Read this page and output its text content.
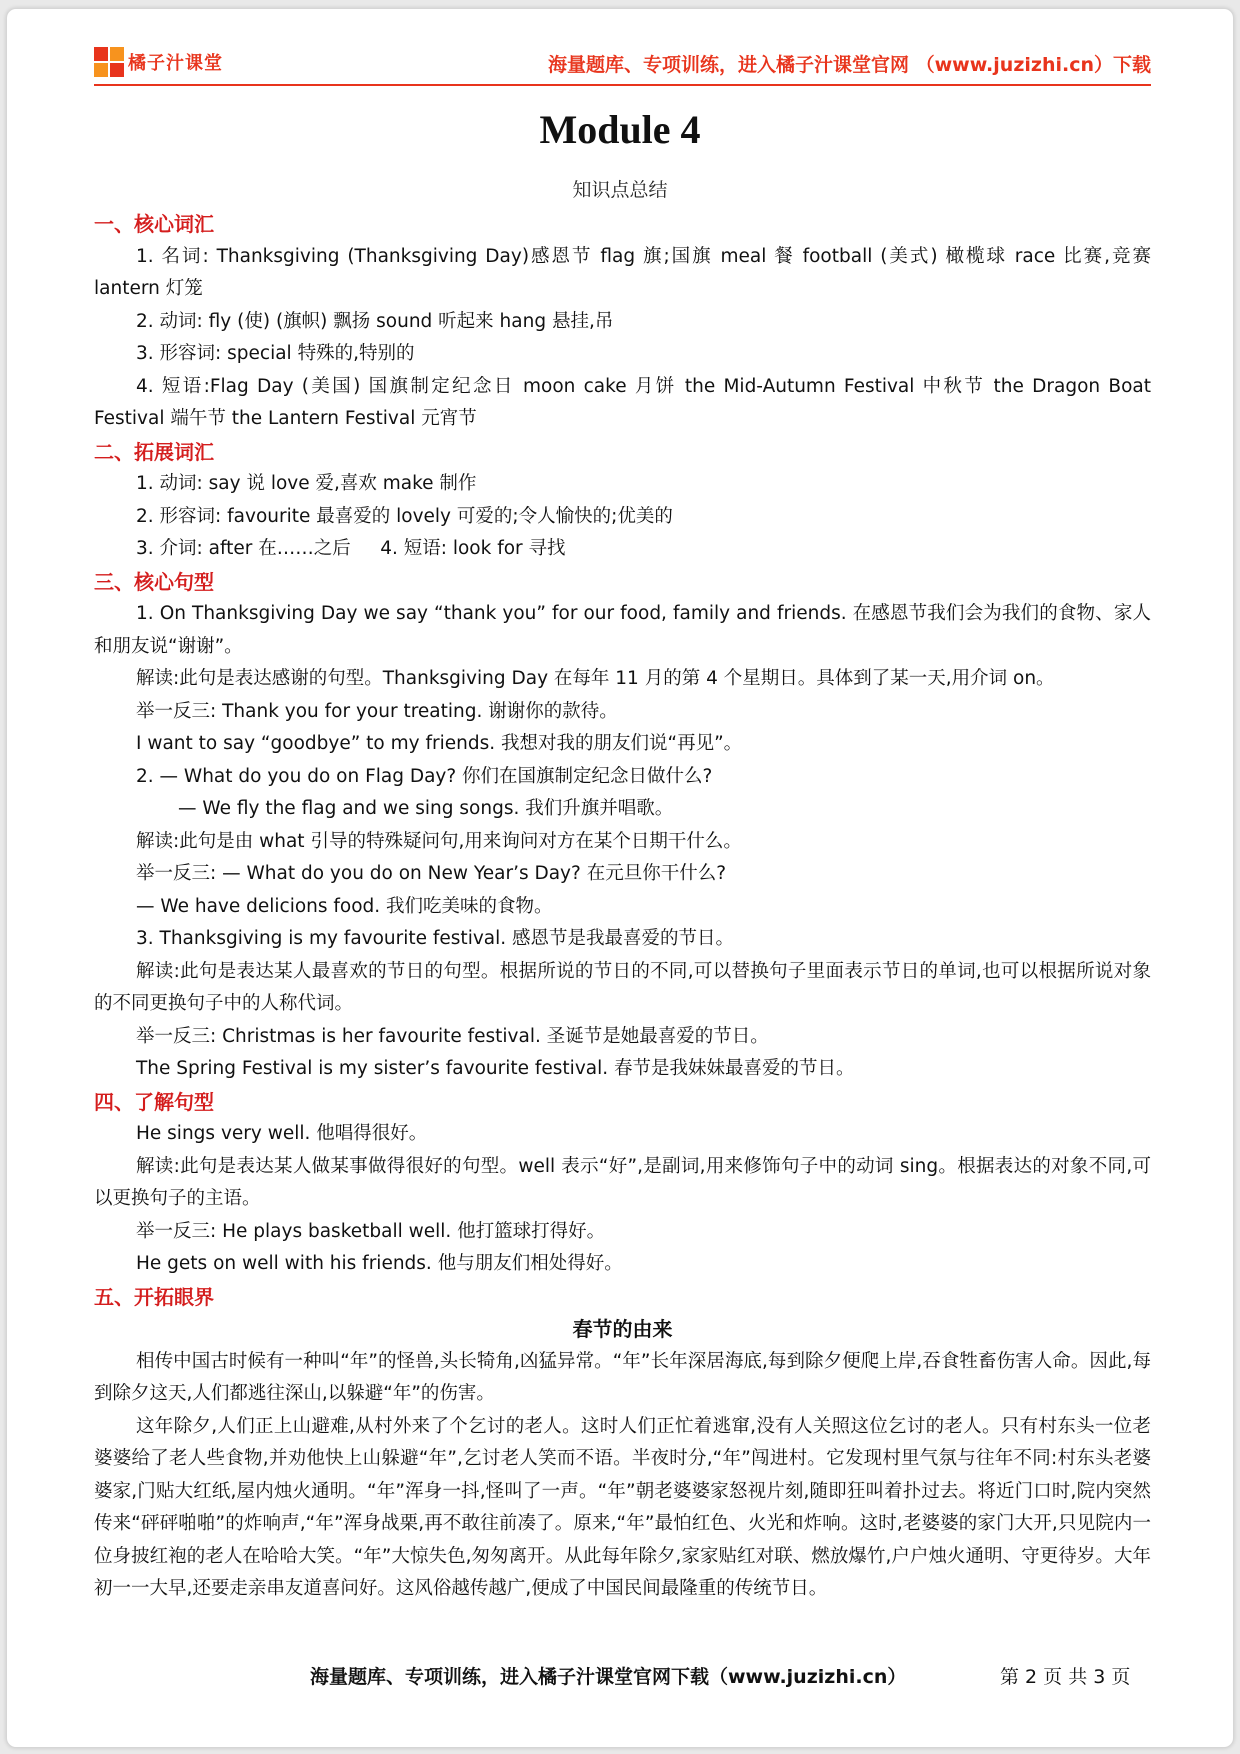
橘子汁课堂	海量题库、专项训练，进入橘子汁课堂官网 （www.juzizhi.cn）下载
Module 4
知识点总结

一、核心词汇

1. 名词: Thanksgiving (Thanksgiving Day)感恩节 flag 旗;国旗 meal 餐 football (美式) 橄榄球 race 比赛,竞赛 lantern 灯笼

2. 动词: fly (使) (旗帜) 飘扬 sound 听起来 hang 悬挂,吊

3. 形容词: special 特殊的,特别的

4. 短语:Flag Day (美国) 国旗制定纪念日 moon cake 月饼 the Mid-Autumn Festival 中秋节 the Dragon Boat Festival 端午节 the Lantern Festival 元宵节

二、拓展词汇

1. 动词: say 说 love 爱,喜欢 make 制作

2. 形容词: favourite 最喜爱的 lovely 可爱的;令人愉快的;优美的

3. 介词: after 在……之后     4. 短语: look for 寻找

三、核心句型

1. On Thanksgiving Day we say “thank you” for our food, family and friends. 在感恩节我们会为我们的食物、家人和朋友说“谢谢”。

解读:此句是表达感谢的句型。Thanksgiving Day 在每年 11 月的第 4 个星期日。具体到了某一天,用介词 on。

举一反三: Thank you for your treating. 谢谢你的款待。

I want to say “goodbye” to my friends. 我想对我的朋友们说“再见”。

2. — What do you do on Flag Day? 你们在国旗制定纪念日做什么?

— We fly the flag and we sing songs. 我们升旗并唱歌。

解读:此句是由 what 引导的特殊疑问句,用来询问对方在某个日期干什么。

举一反三: — What do you do on New Year’s Day? 在元旦你干什么?

— We have delicions food. 我们吃美味的食物。

3. Thanksgiving is my favourite festival. 感恩节是我最喜爱的节日。

解读:此句是表达某人最喜欢的节日的句型。根据所说的节日的不同,可以替换句子里面表示节日的单词,也可以根据所说对象的不同更换句子中的人称代词。

举一反三: Christmas is her favourite festival. 圣诞节是她最喜爱的节日。

The Spring Festival is my sister’s favourite festival. 春节是我妹妹最喜爱的节日。

四、了解句型

He sings very well. 他唱得很好。

解读:此句是表达某人做某事做得很好的句型。well 表示“好”,是副词,用来修饰句子中的动词 sing。根据表达的对象不同,可以更换句子的主语。

举一反三: He plays basketball well. 他打篮球打得好。

He gets on well with his friends. 他与朋友们相处得好。

五、开拓眼界

春节的由来

相传中国古时候有一种叫“年”的怪兽,头长犄角,凶猛异常。“年”长年深居海底,每到除夕便爬上岸,吞食牲畜伤害人命。因此,每到除夕这天,人们都逃往深山,以躲避“年”的伤害。

这年除夕,人们正上山避难,从村外来了个乞讨的老人。这时人们正忙着逃窜,没有人关照这位乞讨的老人。只有村东头一位老婆婆给了老人些食物,并劝他快上山躲避“年”,乞讨老人笑而不语。半夜时分,“年”闯进村。它发现村里气氛与往年不同:村东头老婆婆家,门贴大红纸,屋内烛火通明。“年”浑身一抖,怪叫了一声。“年”朝老婆婆家怒视片刻,随即狂叫着扑过去。将近门口时,院内突然传来“砰砰啪啪”的炸响声,“年”浑身战栗,再不敢往前凑了。原来,“年”最怕红色、火光和炸响。这时,老婆婆的家门大开,只见院内一位身披红袍的老人在哈哈大笑。“年”大惊失色,匆匆离开。从此每年除夕,家家贴红对联、燃放爆竹,户户烛火通明、守更待岁。大年初一一大早,还要走亲串友道喜问好。这风俗越传越广,便成了中国民间最隆重的传统节日。

海量题库、专项训练，进入橘子汁课堂官网下载（www.juzizhi.cn）	第 2 页 共 3 页
